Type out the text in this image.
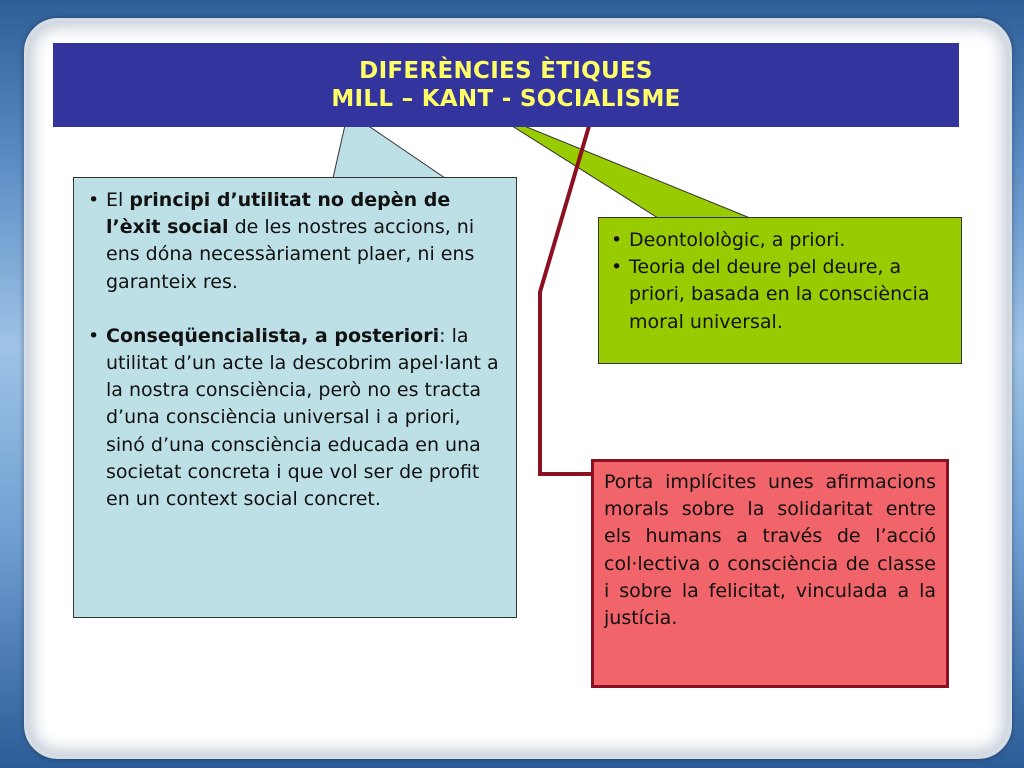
DIFERÈNCIES ÈTIQUES
MILL – KANT - SOCIALISME
• El principi d’utilitat no depèn de l’èxit social de les nostres accions, ni ens dóna necessàriament plaer, ni ens garanteix res.
• Conseqüencialista, a posteriori: la utilitat d’un acte la descobrim apel·lant a la nostra consciència, però no es tracta d’una consciència universal i a priori, sinó d’una consciència educada en una societat concreta i que vol ser de profit en un context social concret.
• Deontolològic, a priori.
• Teoria del deure pel deure, a priori, basada en la consciència moral universal.
Porta implícites unes afirmacions morals sobre la solidaritat entre els humans a través de l’acció col·lectiva o consciència de classe i sobre la felicitat, vinculada a la justícia.
